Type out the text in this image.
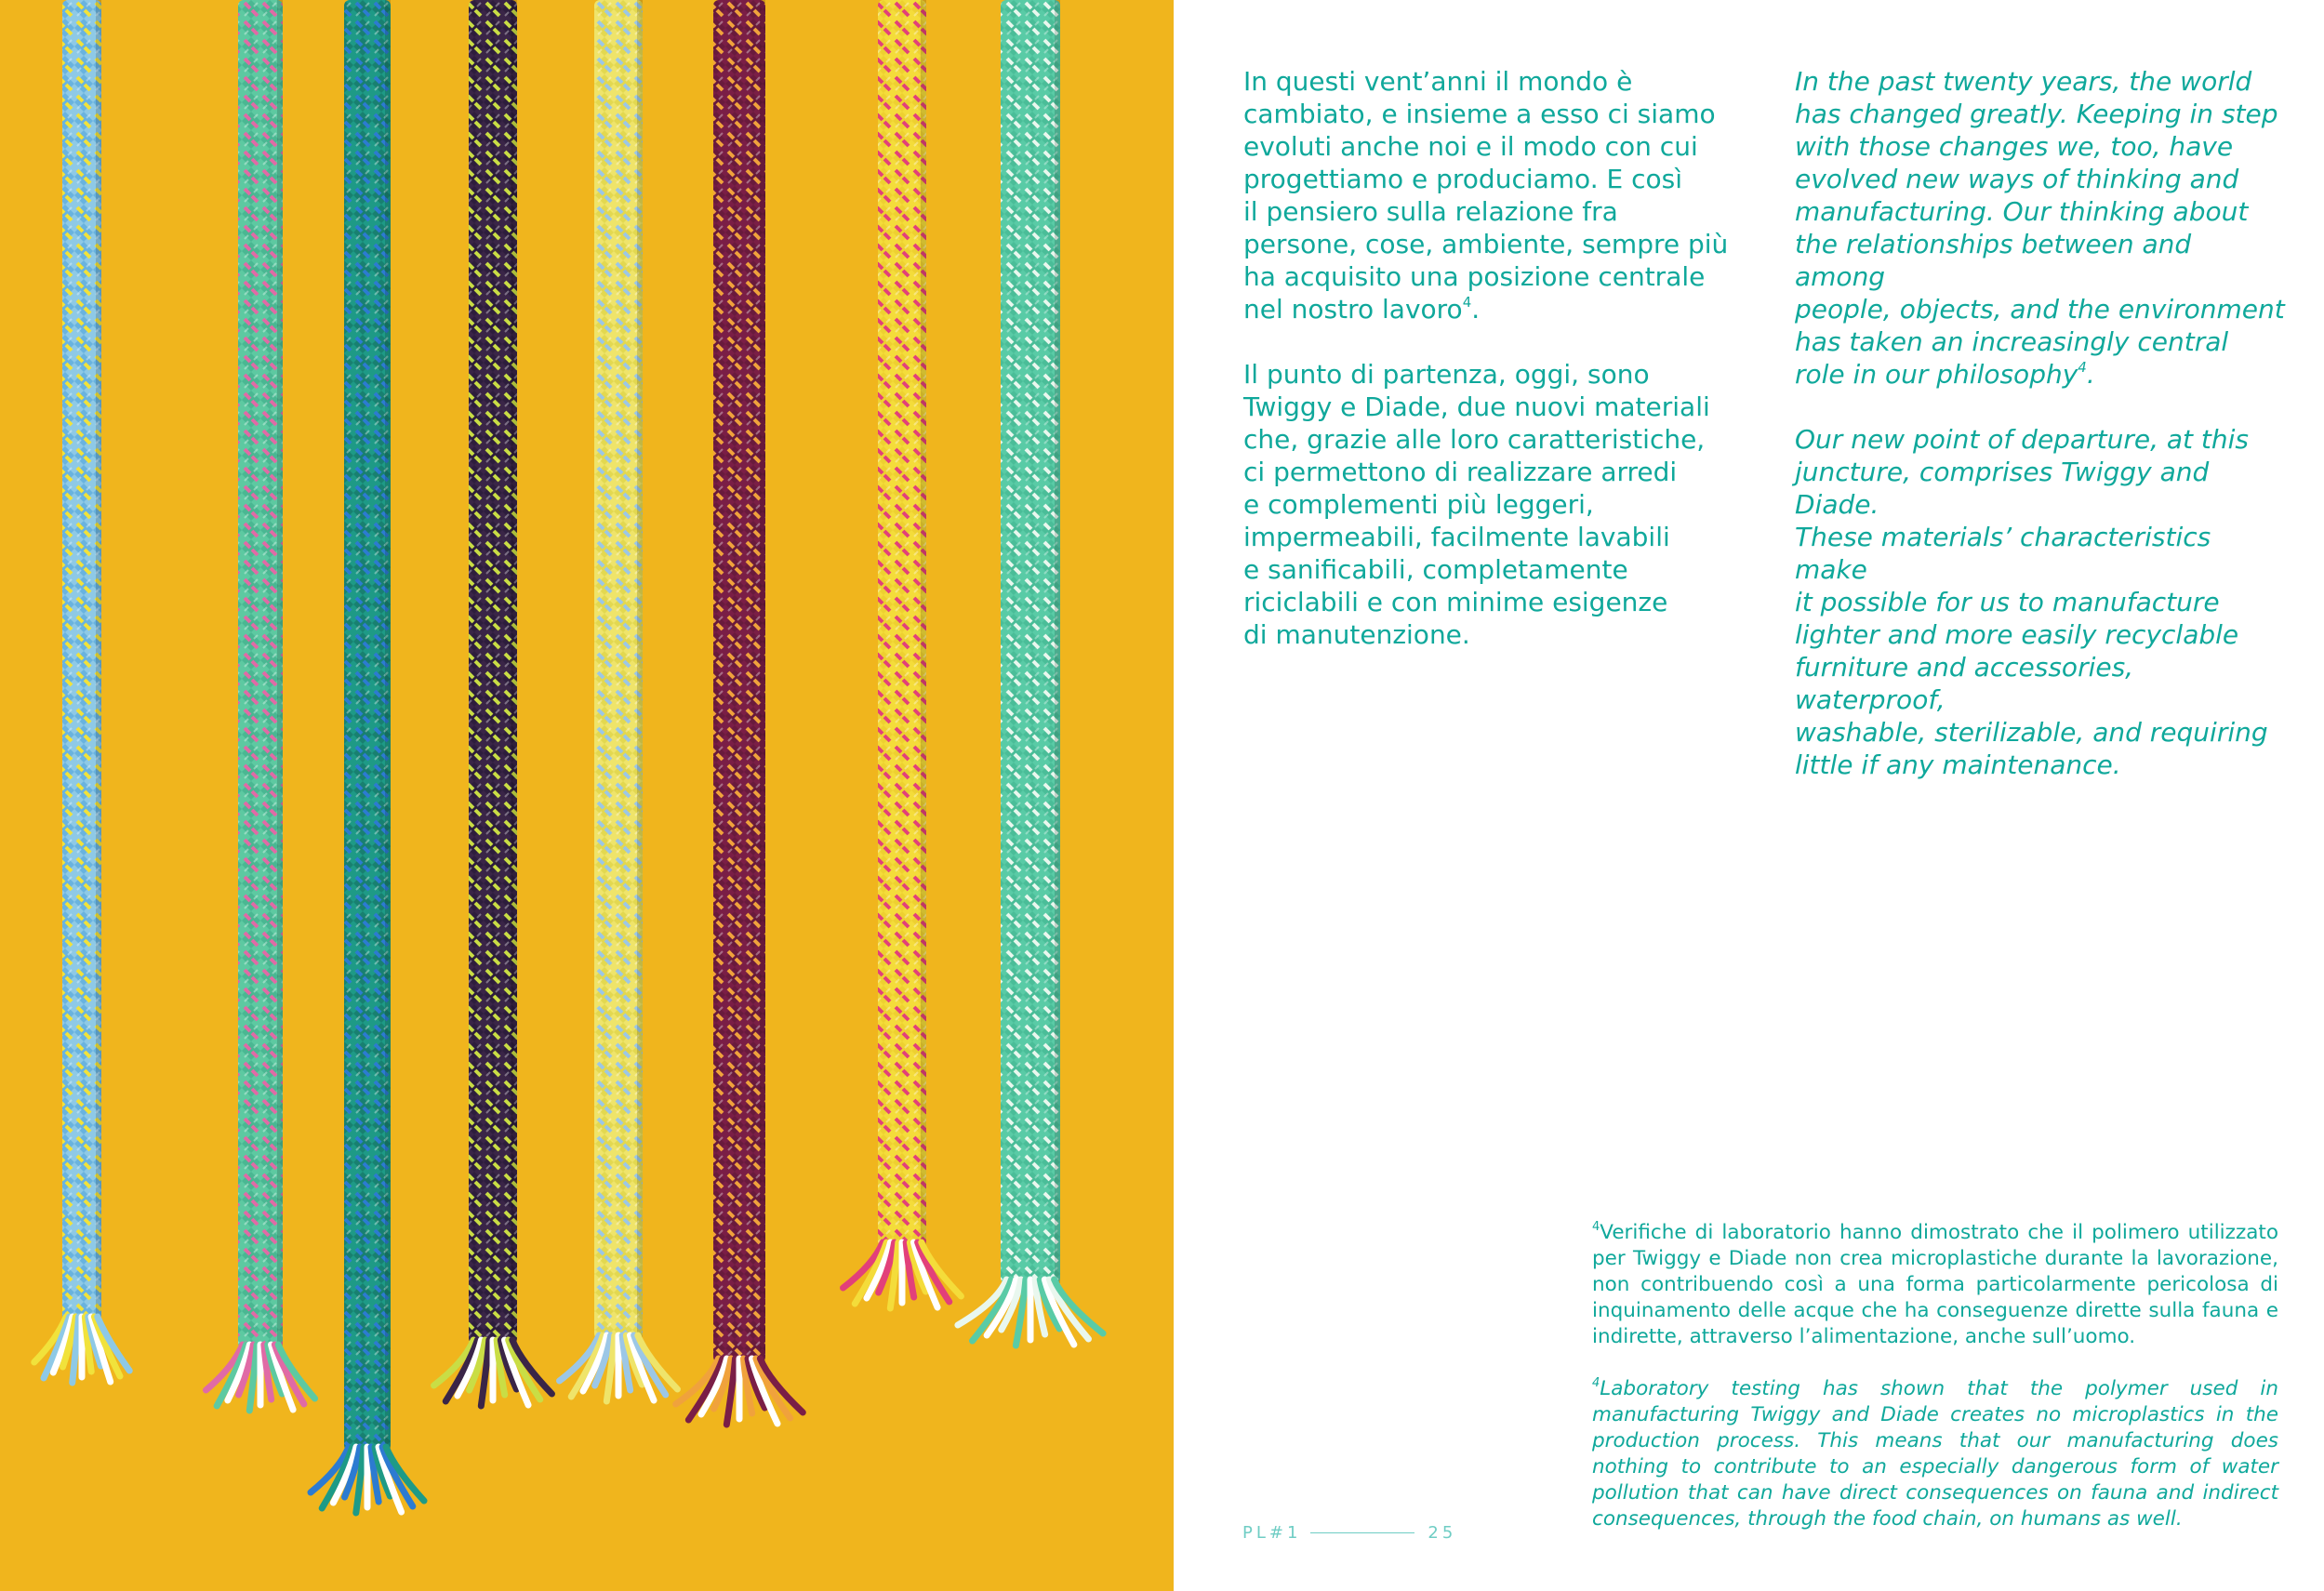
In questi vent’anni il mondo è
cambiato, e insieme a esso ci siamo
evoluti anche noi e il modo con cui
progettiamo e produciamo. E così
il pensiero sulla relazione fra
persone, cose, ambiente, sempre più
ha acquisito una posizione centrale
nel nostro lavoro$^4$.

Il punto di partenza, oggi, sono
Twiggy e Diade, due nuovi materiali
che, grazie alle loro caratteristiche,
ci permettono di realizzare arredi
e complementi più leggeri,
impermeabili, facilmente lavabili
e sanificabili, completamente
riciclabili e con minime esigenze
di manutenzione.

In the past twenty years, the world
has changed greatly. Keeping in step
with those changes we, too, have
evolved new ways of thinking and
manufacturing. Our thinking about
the relationships between and among
people, objects, and the environment
has taken an increasingly central
role in our philosophy$^4$.

Our new point of departure, at this
juncture, comprises Twiggy and Diade.
These materials’ characteristics make
it possible for us to manufacture
lighter and more easily recyclable
furniture and accessories, waterproof,
washable, sterilizable, and requiring
little if any maintenance.

$^4$Verifiche di laboratorio hanno dimostrato che il polimero utilizzato per Twiggy e Diade non crea microplastiche durante la lavorazione, non contribuendo così a una forma particolarmente pericolosa di inquinamento delle acque che ha conseguenze dirette sulla fauna e indirette, attraverso l’alimentazione, anche sull’uomo.

$^4$Laboratory testing has shown that the polymer used in manufacturing Twiggy and Diade creates no microplastics in the production process. This means that our manufacturing does nothing to contribute to an especially dangerous form of water pollution that can have direct consequences on fauna and indirect consequences, through the food chain, on humans as well.

PL#1	25
